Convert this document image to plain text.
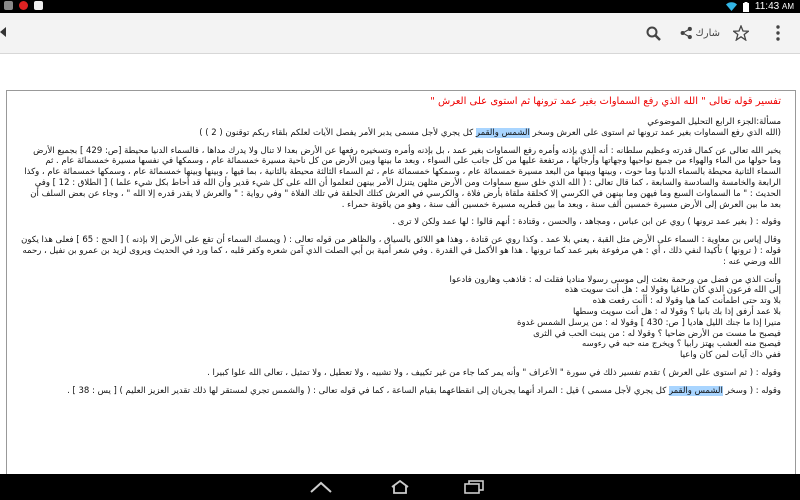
11:43 AM
شارك

تفسير قوله تعالى " الله الذي رفع السماوات بغير عمد ترونها ثم استوى على العرش "

مسألة:الجزء الرابع التحليل الموضوعي

(الله الذي رفع السماوات بغير عمد ترونها ثم استوى على العرش وسخر الشمس والقمر كل يجري لأجل مسمى يدبر الأمر يفصل الآيات لعلكم بلقاء ربكم توقنون ( 2 ) )

يخبر الله تعالى عن كمال قدرته وعظيم سلطانه : أنه الذي بإذنه وأمره رفع السماوات بغير عمد ، بل بإذنه وأمره وتسخيره رفعها عن الأرض بعدا لا تنال ولا يدرك مداها ، فالسماء الدنيا محيطة [ص: 429 ] بجميع الأرض وما حولها من الماء والهواء من جميع نواحيها وجهاتها وأرجائها ، مرتفعة عليها من كل جانب على السواء ، وبعد ما بينها وبين الأرض من كل ناحية مسيرة خمسمائة عام ، وسمكها في نفسها مسيرة خمسمائة عام . ثم السماء الثانية محيطة بالسماء الدنيا وما حوت ، وبينها وبينها من البعد مسيرة خمسمائة عام ، وسمكها خمسمائة عام ، ثم السماء الثالثة محيطة بالثانية ، بما فيها ، وبينها وبينها خمسمائة عام ، وسمكها خمسمائة عام ، وكذا الرابعة والخامسة والسادسة والسابعة ، كما قال تعالى : ( الله الذي خلق سبع سماوات ومن الأرض مثلهن يتنزل الأمر بينهن لتعلموا أن الله على كل شيء قدير وأن الله قد أحاط بكل شيء علما ) [ الطلاق : 12 ] وفي الحديث : " ما السماوات السبع وما فيهن وما بينهن في الكرسي إلا كحلقة ملقاة بأرض فلاة ، والكرسي في العرش كتلك الحلقة في تلك الفلاة " وفي رواية : " والعرش لا يقدر قدره إلا الله " ، وجاء عن بعض السلف أن بعد ما بين العرش إلى الأرض مسيرة خمسين ألف سنة ، وبعد ما بين قطريه مسيرة خمسين ألف سنة ، وهو من ياقوتة حمراء .

وقوله : ( بغير عمد ترونها ) روي عن ابن عباس ، ومجاهد ، والحسن ، وقتادة : أنهم قالوا : لها عمد ولكن لا ترى .

وقال إياس بن معاوية : السماء على الأرض مثل القبة ، يعني بلا عمد . وكذا روي عن قتادة ، وهذا هو اللائق بالسياق ، والظاهر من قوله تعالى : ( ويمسك السماء أن تقع على الأرض إلا بإذنه ) [ الحج : 65 ] فعلى هذا يكون قوله : ( ترونها ) تأكيدا لنفي ذلك ، أي : هي مرفوعة بغير عمد كما ترونها . هذا هو الأكمل في القدرة . وفي شعر أمية بن أبي الصلت الذي آمن شعره وكفر قلبه ، كما ورد في الحديث ويروى لزيد بن عمرو بن نفيل ، رحمه الله ورضي عنه :

وأنت الذي من فضل من ورحمة بعثت إلى موسى رسولا مناديا فقلت له : فاذهب وهارون فادعوا

إلى الله فرعون الذي كان طاغيا وقولا له : هل أنت سويت هذه

بلا وتد حتى اطمأنت كما هيا وقولا له : أأنت رفعت هذه

بلا عمد أرفق إذا بك بانيا ؟ وقولا له : هل أنت سويت وسطها

منيرا إذا ما جنك الليل هاديا [ ص: 430 ] وقولا له : من يرسل الشمس غدوة

فيصبح ما مست من الأرض ضاحيا ؟ وقولا له : من ينبت الحب في الثرى

فيصبح منه العشب يهتز رابيا ؟ ويخرج منه حبه في رءوسه

ففي ذاك آيات لمن كان واعيا

وقوله : ( ثم استوى على العرش ) تقدم تفسير ذلك في سورة " الأعراف " وأنه يمر كما جاء من غير تكييف ، ولا تشبيه ، ولا تعطيل ، ولا تمثيل ، تعالى الله علوا كبيرا .

وقوله : ( وسخر الشمس والقمر كل يجري لأجل مسمى ) قيل : المراد أنهما يجريان إلى انقطاعهما بقيام الساعة ، كما في قوله تعالى : ( والشمس تجري لمستقر لها ذلك تقدير العزيز العليم ) [ يس : 38 ] .
